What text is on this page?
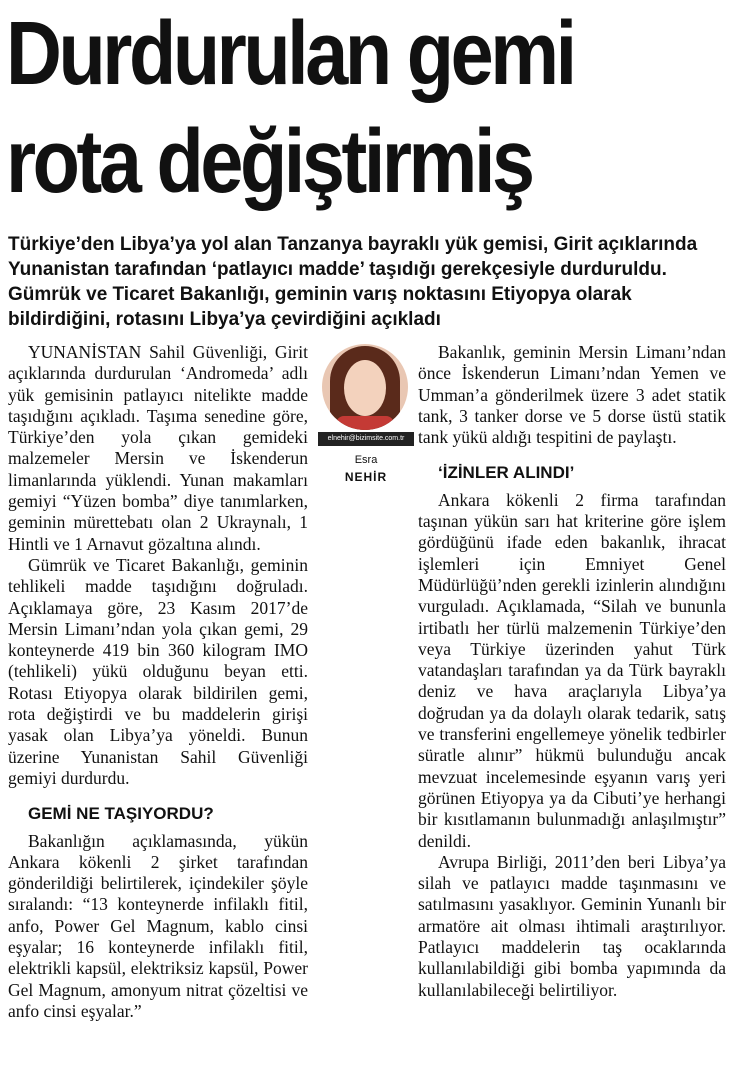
Durdurulan gemi
rota değiştirmiş

Türkiye’den Libya’ya yol alan Tanzanya bayraklı yük gemisi, Girit açıklarında Yunanistan tarafından ‘patlayıcı madde’ taşıdığı gerekçesiyle durduruldu. Gümrük ve Ticaret Bakanlığı, geminin varış noktasını Etiyopya olarak bildirdiğini, rotasını Libya’ya çevirdiğini açıkladı

YUNANİSTAN Sahil Güvenliği, Girit açıklarında durdurulan ‘Andromeda’ adlı yük gemisinin patlayıcı nitelikte madde taşıdığını açıkladı. Taşıma senedine göre, Türkiye’den yola çıkan gemideki malzemeler Mersin ve İskenderun limanlarında yüklendi. Yunan makamları gemiyi “Yüzen bomba” diye tanımlarken, geminin mürettebatı olan 2 Ukraynalı, 1 Hintli ve 1 Arnavut gözaltına alındı.

Gümrük ve Ticaret Bakanlığı, geminin tehlikeli madde taşıdığını doğruladı. Açıklamaya göre, 23 Kasım 2017’de Mersin Limanı’ndan yola çıkan gemi, 29 konteynerde 419 bin 360 kilogram IMO (tehlikeli) yükü olduğunu beyan etti. Rotası Etiyopya olarak bildirilen gemi, rota değiştirdi ve bu maddelerin girişi yasak olan Libya’ya yöneldi. Bunun üzerine Yunanistan Sahil Güvenliği gemiyi durdurdu.

GEMİ NE TAŞIYORDU?

Bakanlığın açıklamasında, yükün Ankara kökenli 2 şirket tarafından gönderildiği belirtilerek, içindekiler şöyle sıralandı: “13 konteynerde infilaklı fitil, anfo, Power Gel Magnum, kablo cinsi eşyalar; 16 konteynerde infilaklı fitil, elektrikli kapsül, elektriksiz kapsül, Power Gel Magnum, amonyum nitrat çözeltisi ve anfo cinsi eşyalar.”

elnehir@bizimsite.com.tr
Esra
NEHİR

Bakanlık, geminin Mersin Limanı’ndan önce İskenderun Limanı’ndan Yemen ve Umman’a gönderilmek üzere 3 adet statik tank, 3 tanker dorse ve 5 dorse üstü statik tank yükü aldığı tespitini de paylaştı.

‘İZİNLER ALINDI’

Ankara kökenli 2 firma tarafından taşınan yükün sarı hat kriterine göre işlem gördüğünü ifade eden bakanlık, ihracat işlemleri için Emniyet Genel Müdürlüğü’nden gerekli izinlerin alındığını vurguladı. Açıklamada, “Silah ve bununla irtibatlı her türlü malzemenin Türkiye’den veya Türkiye üzerinden yahut Türk vatandaşları tarafından ya da Türk bayraklı deniz ve hava araçlarıyla Libya’ya doğrudan ya da dolaylı olarak tedarik, satış ve transferini engellemeye yönelik tedbirler süratle alınır” hükmü bulunduğu ancak mevzuat incelemesinde eşyanın varış yeri görünen Etiyopya ya da Cibuti’ye herhangi bir kısıtlamanın bulunmadığı anlaşılmıştır” denildi.

Avrupa Birliği, 2011’den beri Libya’ya silah ve patlayıcı madde taşınmasını ve satılmasını yasaklıyor. Geminin Yunanlı bir armatöre ait olması ihtimali araştırılıyor. Patlayıcı maddelerin taş ocaklarında kullanılabildiği gibi bomba yapımında da kullanılabileceği belirtiliyor.
